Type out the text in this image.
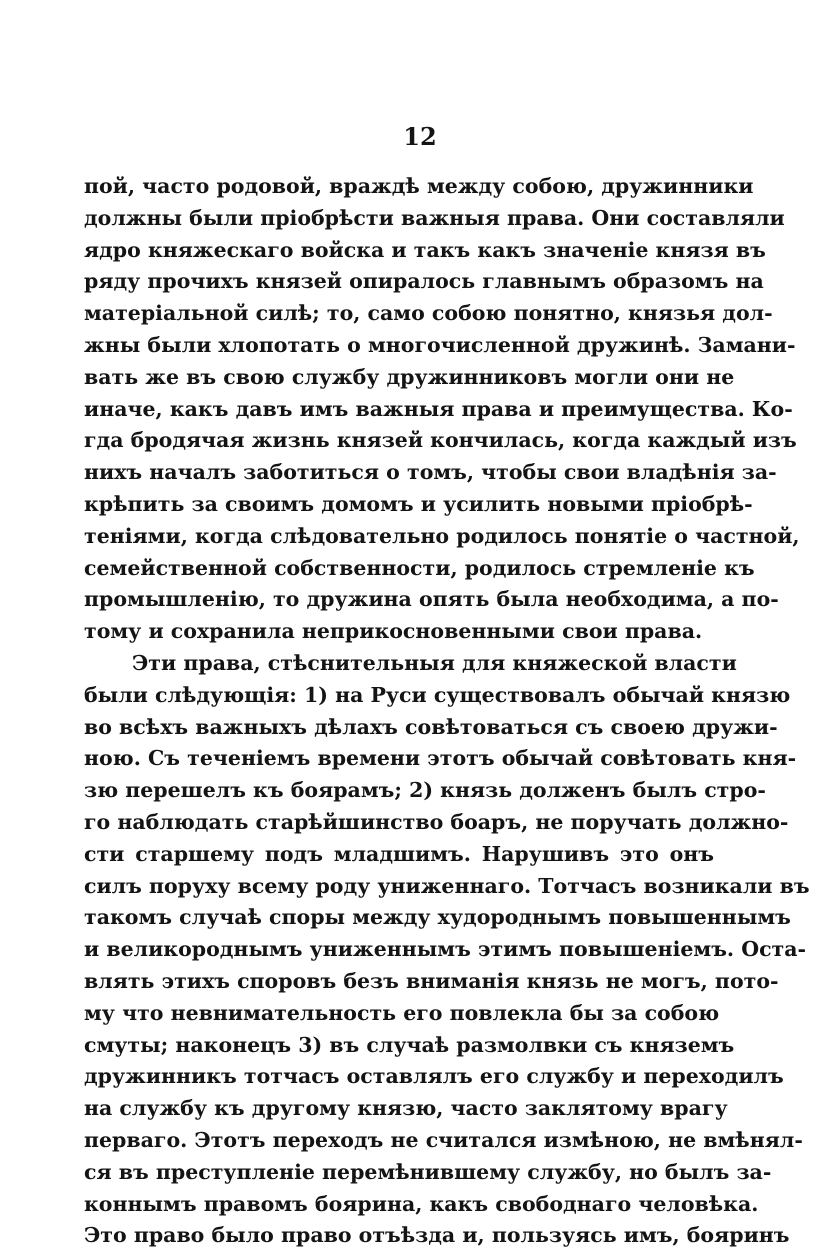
12
пой, часто родовой, враждѣ между собою, дружинники
должны были пріобрѣсти важныя права. Они составляли
ядро княжескаго войска и такъ какъ значеніе князя въ
ряду прочихъ князей опиралось главнымъ образомъ на
матеріальной силѣ; то, само собою понятно, князья дол-
жны были хлопотать о многочисленной дружинѣ. Замани-
вать же въ свою службу дружинниковъ могли они не
иначе, какъ давъ имъ важныя права и преимущества. Ко-
гда бродячая жизнь князей кончилась, когда каждый изъ
нихъ началъ заботиться о томъ, чтобы свои владѣнія за-
крѣпить за своимъ домомъ и усилить новыми пріобрѣ-
теніями, когда слѣдовательно родилось понятіе о частной,
семейственной собственности, родилось стремленіе къ
промышленію, то дружина опять была необходима, а по-
тому и сохранила неприкосновенными свои права.
Эти права, стѣснительныя для княжеской власти
были слѣдующія: 1) на Руси существовалъ обычай князю
во всѣхъ важныхъ дѣлахъ совѣтоваться съ своею дружи-
ною. Съ теченіемъ времени этотъ обычай совѣтовать кня-
зю перешелъ къ боярамъ; 2) князь долженъ былъ стро-
го наблюдать старѣйшинство боаръ, не поручать должно-
сти старшему подъ младшимъ. Нарушивъ это онъ
силъ поруху всему роду униженнаго. Тотчасъ возникали въ
такомъ случаѣ споры между худороднымъ повышеннымъ
и великороднымъ униженнымъ этимъ повышеніемъ. Оста-
влять этихъ споровъ безъ вниманія князь не могъ, пото-
му что невнимательность его повлекла бы за собою
смуты; наконецъ 3) въ случаѣ размолвки съ княземъ
дружинникъ тотчасъ оставлялъ его службу и переходилъ
на службу къ другому князю, часто заклятому врагу
перваго. Этотъ переходъ не считался измѣною, не вмѣнял-
ся въ преступленіе перемѣнившему службу, но былъ за-
коннымъ правомъ боярина, какъ свободнаго человѣка.
Это право было право отъѣзда и, пользуясь имъ, бояринъ
